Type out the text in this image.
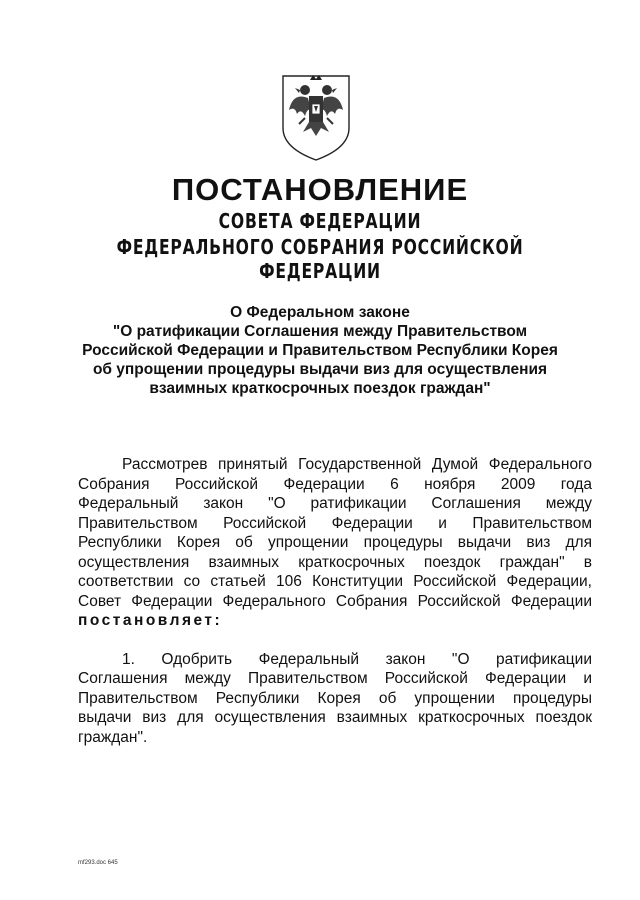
ПОСТАНОВЛЕНИЕ
СОВЕТА ФЕДЕРАЦИИ
ФЕДЕРАЛЬНОГО СОБРАНИЯ РОССИЙСКОЙ ФЕДЕРАЦИИ
О Федеральном законе
"О ратификации Соглашения между Правительством
Российской Федерации и Правительством Республики Корея
об упрощении процедуры выдачи виз для осуществления
взаимных краткосрочных поездок граждан"
Рассмотрев принятый Государственной Думой Федерального
Собрания Российской Федерации 6 ноября 2009 года
Федеральный закон "О ратификации Соглашения между
Правительством Российской Федерации и Правительством
Республики Корея об упрощении процедуры выдачи виз для
осуществления взаимных краткосрочных поездок граждан" в
соответствии со статьей 106 Конституции Российской Федерации,
Совет Федерации Федерального Собрания Российской Федерации
постановляет:
1. Одобрить Федеральный закон "О ратификации
Соглашения между Правительством Российской Федерации и
Правительством Республики Корея об упрощении процедуры
выдачи виз для осуществления взаимных краткосрочных поездок
граждан".
mf293.doc 645
